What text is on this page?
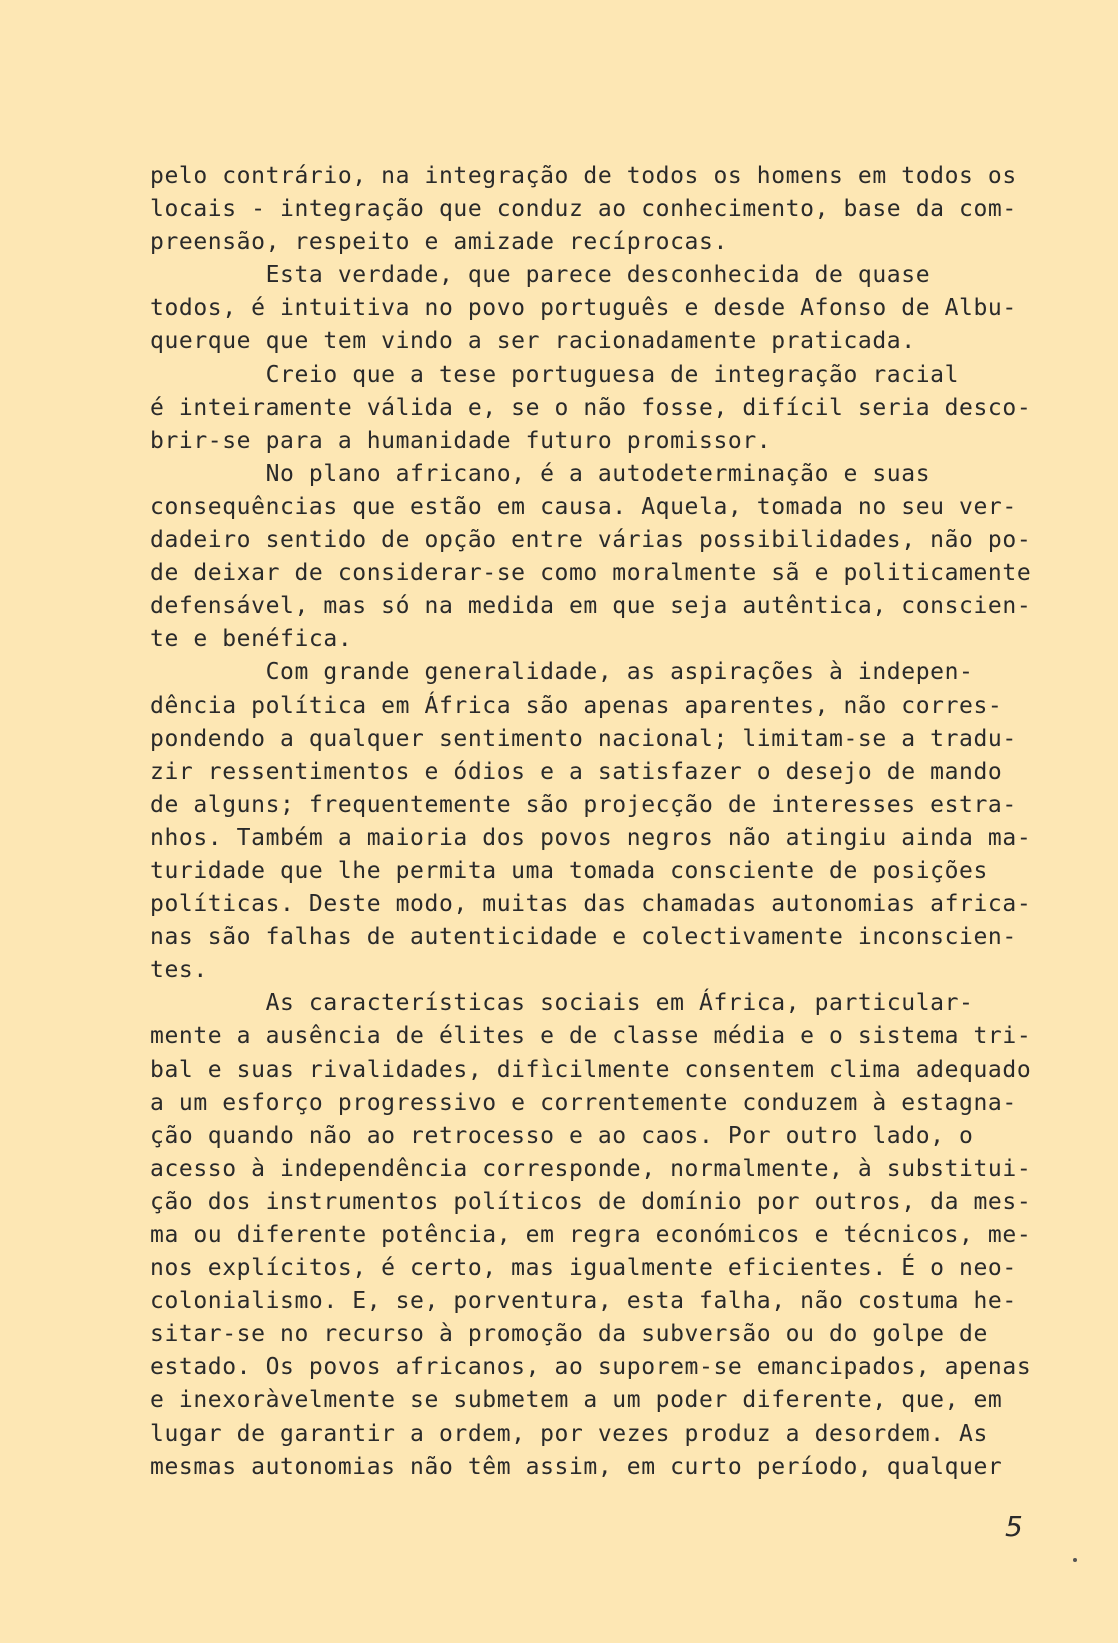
pelo contrário, na integração de todos os homens em todos os
locais - integração que conduz ao conhecimento, base da com-
preensão, respeito e amizade recíprocas.
Esta verdade, que parece desconhecida de quase
todos, é intuitiva no povo português e desde Afonso de Albu-
querque que tem vindo a ser racionadamente praticada.
Creio que a tese portuguesa de integração racial
é inteiramente válida e, se o não fosse, difícil seria desco-
brir-se para a humanidade futuro promissor.
No plano africano, é a autodeterminação e suas
consequências que estão em causa. Aquela, tomada no seu ver-
dadeiro sentido de opção entre várias possibilidades, não po-
de deixar de considerar-se como moralmente sã e politicamente
defensável, mas só na medida em que seja autêntica, conscien-
te e benéfica.
Com grande generalidade, as aspirações à indepen-
dência política em África são apenas aparentes, não corres-
pondendo a qualquer sentimento nacional; limitam-se a tradu-
zir ressentimentos e ódios e a satisfazer o desejo de mando
de alguns; frequentemente são projecção de interesses estra-
nhos. Também a maioria dos povos negros não atingiu ainda ma-
turidade que lhe permita uma tomada consciente de posições
políticas. Deste modo, muitas das chamadas autonomias africa-
nas são falhas de autenticidade e colectivamente inconscien-
tes.
As características sociais em África, particular-
mente a ausência de élites e de classe média e o sistema tri-
bal e suas rivalidades, difìcilmente consentem clima adequado
a um esforço progressivo e correntemente conduzem à estagna-
ção quando não ao retrocesso e ao caos. Por outro lado, o
acesso à independência corresponde, normalmente, à substitui-
ção dos instrumentos políticos de domínio por outros, da mes-
ma ou diferente potência, em regra económicos e técnicos, me-
nos explícitos, é certo, mas igualmente eficientes. É o neo-
colonialismo. E, se, porventura, esta falha, não costuma he-
sitar-se no recurso à promoção da subversão ou do golpe de
estado. Os povos africanos, ao suporem-se emancipados, apenas
e inexoràvelmente se submetem a um poder diferente, que, em
lugar de garantir a ordem, por vezes produz a desordem. As
mesmas autonomias não têm assim, em curto período, qualquer
5
